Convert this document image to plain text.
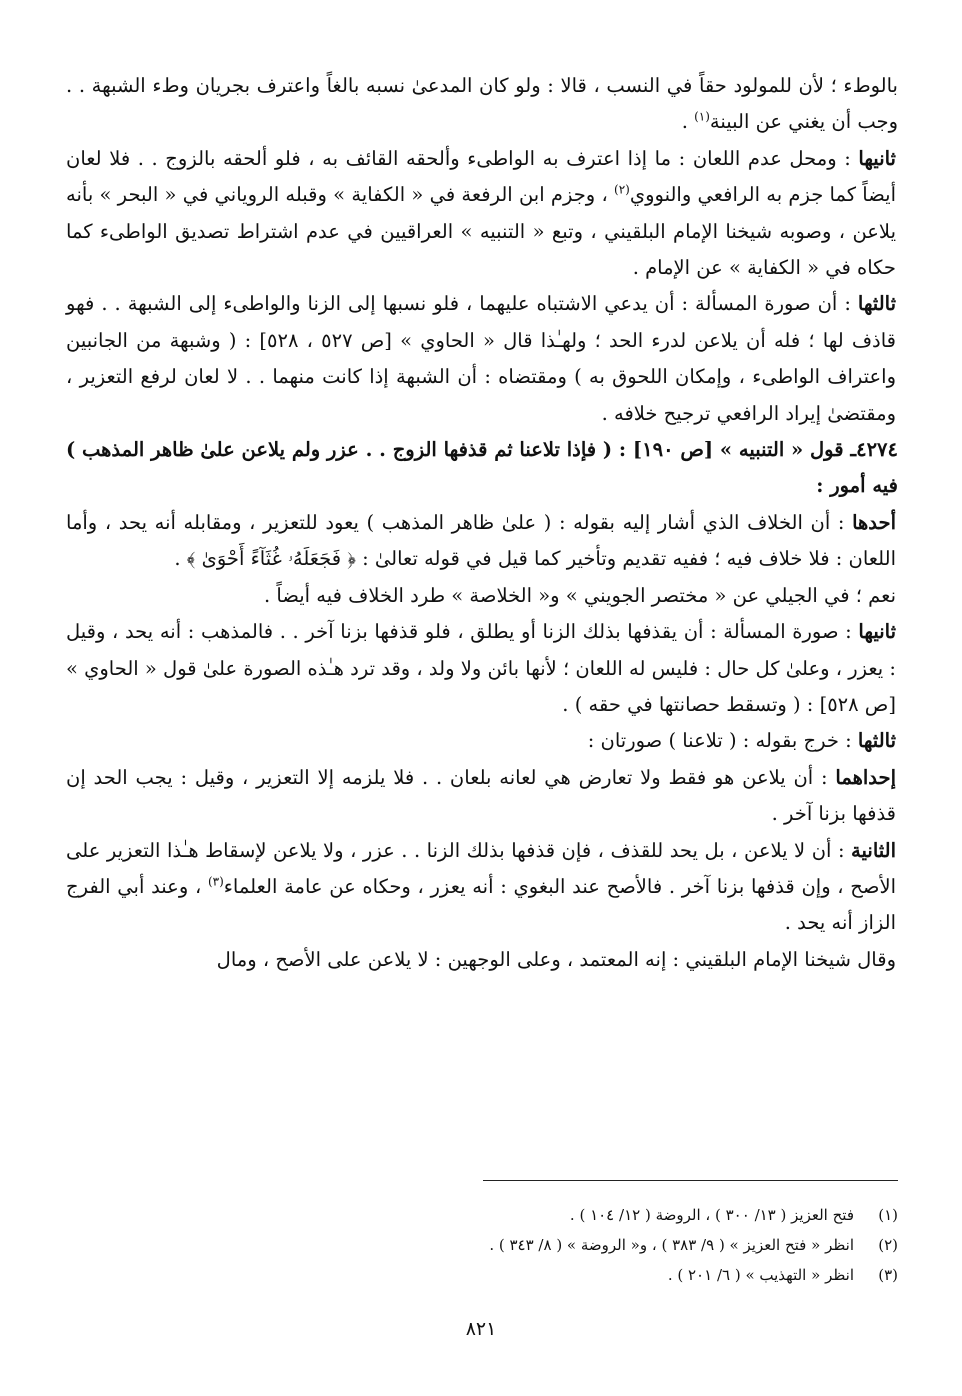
بالوطء ؛ لأن للمولود حقاً في النسب ، قالا : ولو كان المدعىٰ نسبه بالغاً واعترف بجريان وطء الشبهة . . وجب أن يغني عن البينة$^{(١)}$ .

ثانيها : ومحل عدم اللعان : ما إذا اعترف به الواطىء وألحقه القائف به ، فلو ألحقه بالزوج . . فلا لعان أيضاً كما جزم به الرافعي والنووي$^{(٢)}$ ، وجزم ابن الرفعة في « الكفاية » وقبله الروياني في « البحر » بأنه يلاعن ، وصوبه شيخنا الإمام البلقيني ، وتبع « التنبيه » العراقيين في عدم اشتراط تصديق الواطىء كما حكاه في « الكفاية » عن الإمام .

ثالثها : أن صورة المسألة : أن يدعي الاشتباه عليهما ، فلو نسبها إلى الزنا والواطىء إلى الشبهة . . فهو قاذف لها ؛ فله أن يلاعن لدرء الحد ؛ ولهـٰذا قال « الحاوي » [ص ٥٢٧ ، ٥٢٨] : ( وشبهة من الجانبين واعتراف الواطىء ، وإمكان اللحوق به ) ومقتضاه : أن الشبهة إذا كانت منهما . . لا لعان لرفع التعزير ، ومقتضىٰ إيراد الرافعي ترجيح خلافه .

٤٢٧٤ـ قول « التنبيه » [ص ١٩٠] : ( فإذا تلاعنا ثم قذفها الزوج . . عزر ولم يلاعن علىٰ ظاهر المذهب ) فيه أمور :

أحدها : أن الخلاف الذي أشار إليه بقوله : ( علىٰ ظاهر المذهب ) يعود للتعزير ، ومقابله أنه يحد ، وأما اللعان : فلا خلاف فيه ؛ ففيه تقديم وتأخير كما قيل في قوله تعالىٰ : ﴿ فَجَعَلَهُۥ غُثَآءً أَحْوَىٰ ﴾ .

نعم ؛ في الجيلي عن « مختصر الجويني » و« الخلاصة » طرد الخلاف فيه أيضاً .

ثانيها : صورة المسألة : أن يقذفها بذلك الزنا أو يطلق ، فلو قذفها بزنا آخر . . فالمذهب : أنه يحد ، وقيل : يعزر ، وعلىٰ كل حال : فليس له اللعان ؛ لأنها بائن ولا ولد ، وقد ترد هـٰذه الصورة علىٰ قول « الحاوي » [ص ٥٢٨] : ( وتسقط حصانتها في حقه ) .

ثالثها : خرج بقوله : ( تلاعنا ) صورتان :

إحداهما : أن يلاعن هو فقط ولا تعارض هي لعانه بلعان . . فلا يلزمه إلا التعزير ، وقيل : يجب الحد إن قذفها بزنا آخر .

الثانية : أن لا يلاعن ، بل يحد للقذف ، فإن قذفها بذلك الزنا . . عزر ، ولا يلاعن لإسقاط هـٰذا التعزير على الأصح ، وإن قذفها بزنا آخر . فالأصح عند البغوي : أنه يعزر ، وحكاه عن عامة العلماء$^{(٣)}$ ، وعند أبي الفرج الزاز أنه يحد .

وقال شيخنا الإمام البلقيني : إنه المعتمد ، وعلى الوجهين : لا يلاعن على الأصح ، ومال

(١)
فتح العزيز ( ١٣/ ٣٠٠ ) ، الروضة ( ١٢/ ١٠٤ ) .

(٢)
انظر « فتح العزيز » ( ٩/ ٣٨٣ ) ، و« الروضة » ( ٨/ ٣٤٣ ) .

(٣)
انظر « التهذيب » ( ٦/ ٢٠١ ) .

٨٢١
